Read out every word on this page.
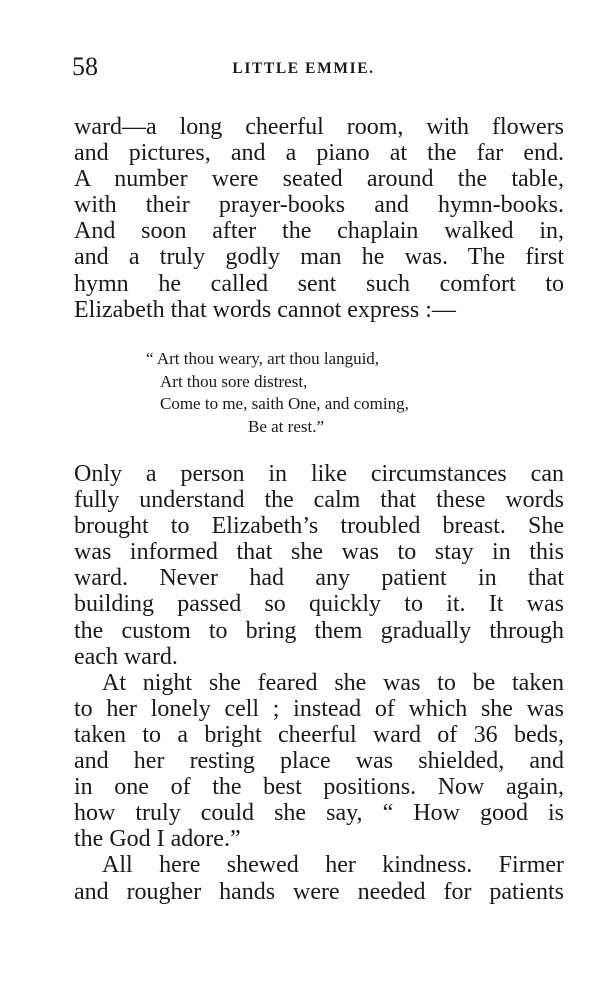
58	LITTLE EMMIE.
ward—a long cheerful room, with flowers
and pictures, and a piano at the far end.
A number were seated around the table,
with their prayer-books and hymn-books.
And soon after the chaplain walked in,
and a truly godly man he was. The first
hymn he called sent such comfort to
Elizabeth that words cannot express :—
“ Art thou weary, art thou languid,
Art thou sore distrest,
Come to me, saith One, and coming,
Be at rest.”
Only a person in like circumstances can
fully understand the calm that these words
brought to Elizabeth’s troubled breast. She
was informed that she was to stay in this
ward. Never had any patient in that
building passed so quickly to it. It was
the custom to bring them gradually through
each ward.
At night she feared she was to be taken
to her lonely cell ; instead of which she was
taken to a bright cheerful ward of 36 beds,
and her resting place was shielded, and
in one of the best positions. Now again,
how truly could she say, “ How good is
the God I adore.”
All here shewed her kindness. Firmer
and rougher hands were needed for patients
